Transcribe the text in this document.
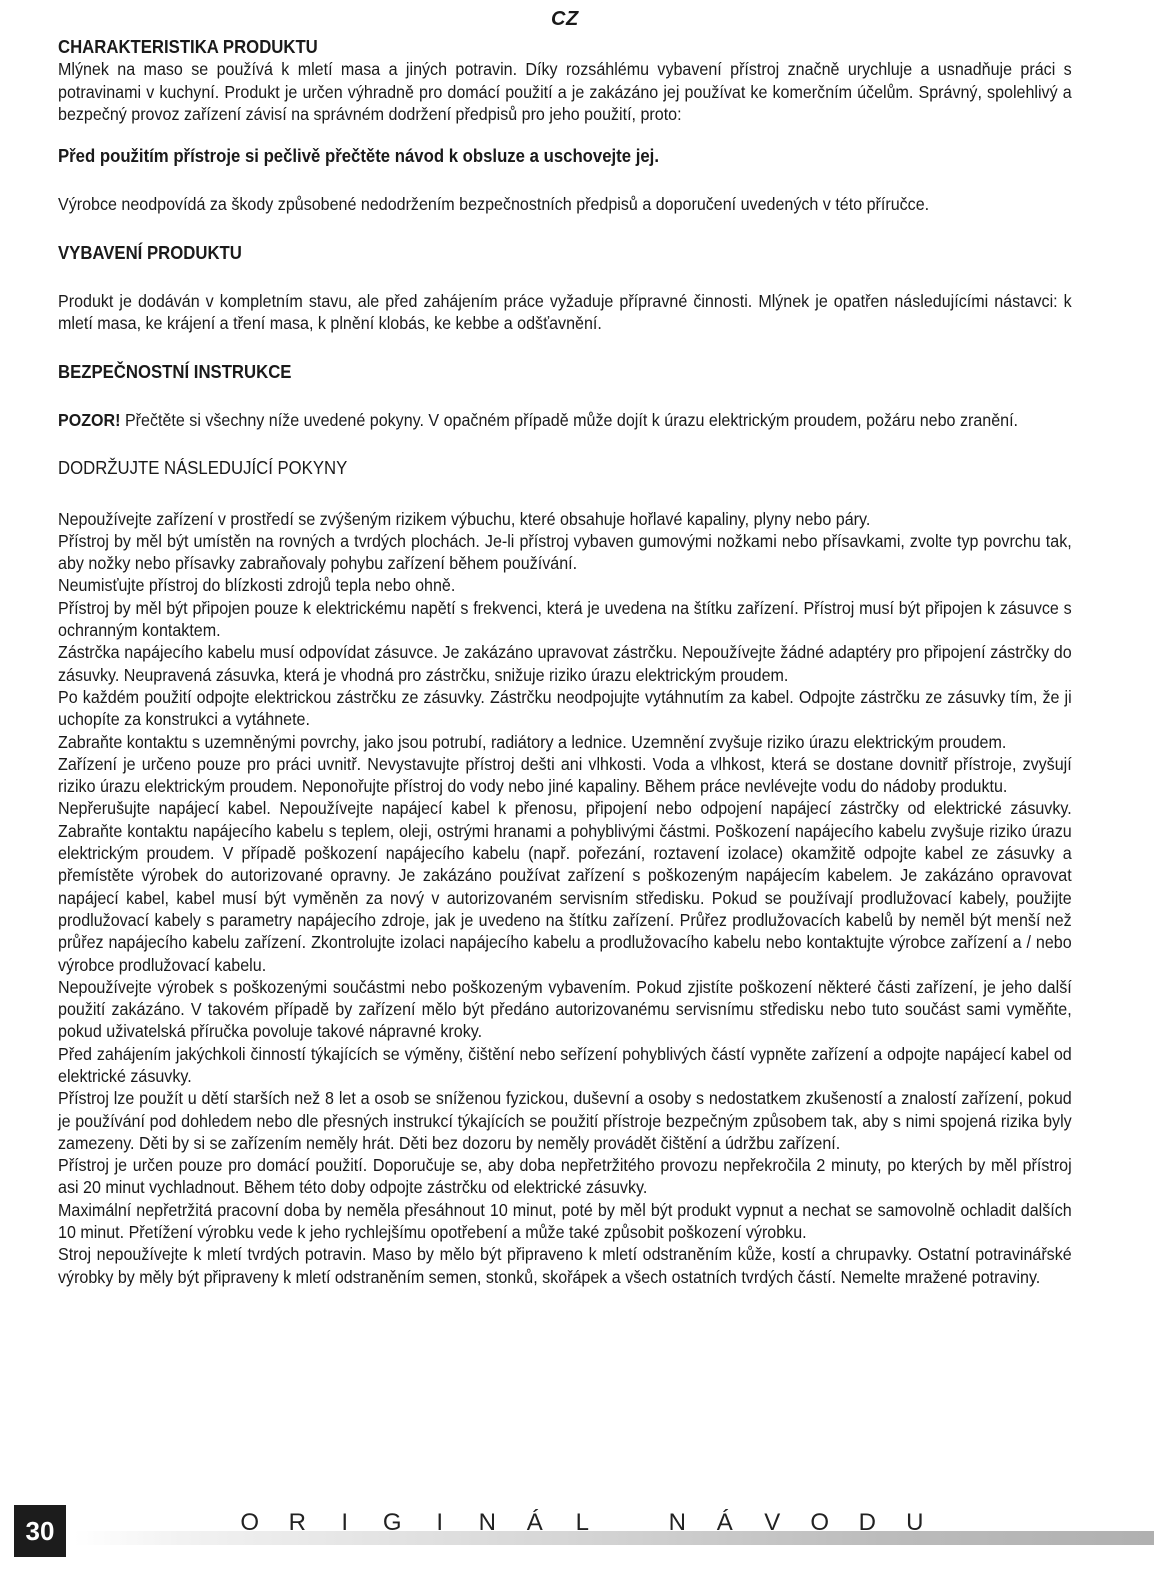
CZ

CHARAKTERISTIKA PRODUKTU

Mlýnek na maso se používá k mletí masa a jiných potravin. Díky rozsáhlému vybavení přístroj značně urychluje a usnadňuje práci s potravinami v kuchyní. Produkt je určen výhradně pro domácí použití a je zakázáno jej používat ke komerčním účelům. Správný, spolehlivý a bezpečný provoz zařízení závisí na správném dodržení předpisů pro jeho použití, proto:

Před použitím přístroje si pečlivě přečtěte návod k obsluze a uschovejte jej.

Výrobce neodpovídá za škody způsobené nedodržením bezpečnostních předpisů a doporučení uvedených v této příručce.

VYBAVENÍ PRODUKTU

Produkt je dodáván v kompletním stavu, ale před zahájením práce vyžaduje přípravné činnosti. Mlýnek je opatřen následujícími nástavci: k mletí masa, ke krájení a tření masa, k plnění klobás, ke kebbe a odšťavnění.

BEZPEČNOSTNÍ INSTRUKCE

POZOR! Přečtěte si všechny níže uvedené pokyny. V opačném případě může dojít k úrazu elektrickým proudem, požáru nebo zranění.

DODRŽUJTE NÁSLEDUJÍCÍ POKYNY

Nepoužívejte zařízení v prostředí se zvýšeným rizikem výbuchu, které obsahuje hořlavé kapaliny, plyny nebo páry.

Přístroj by měl být umístěn na rovných a tvrdých plochách. Je-li přístroj vybaven gumovými nožkami nebo přísavkami, zvolte typ povrchu tak, aby nožky nebo přísavky zabraňovaly pohybu zařízení během používání.

Neumisťujte přístroj do blízkosti zdrojů tepla nebo ohně.

Přístroj by měl být připojen pouze k elektrickému napětí s frekvenci, která je uvedena na štítku zařízení. Přístroj musí být připojen k zásuvce s ochranným kontaktem.

Zástrčka napájecího kabelu musí odpovídat zásuvce. Je zakázáno upravovat zástrčku. Nepoužívejte žádné adaptéry pro připojení zástrčky do zásuvky. Neupravená zásuvka, která je vhodná pro zástrčku, snižuje riziko úrazu elektrickým proudem.

Po každém použití odpojte elektrickou zástrčku ze zásuvky. Zástrčku neodpojujte vytáhnutím za kabel. Odpojte zástrčku ze zásuvky tím, že ji uchopíte za konstrukci a vytáhnete.

Zabraňte kontaktu s uzemněnými povrchy, jako jsou potrubí, radiátory a lednice. Uzemnění zvyšuje riziko úrazu elektrickým proudem.

Zařízení je určeno pouze pro práci uvnitř. Nevystavujte přístroj dešti ani vlhkosti. Voda a vlhkost, která se dostane dovnitř přístroje, zvyšují riziko úrazu elektrickým proudem. Neponořujte přístroj do vody nebo jiné kapaliny. Během práce nevlévejte vodu do nádoby produktu.

Nepřerušujte napájecí kabel. Nepoužívejte napájecí kabel k přenosu, připojení nebo odpojení napájecí zástrčky od elektrické zásuvky. Zabraňte kontaktu napájecího kabelu s teplem, oleji, ostrými hranami a pohyblivými částmi. Poškození napájecího kabelu zvyšuje riziko úrazu elektrickým proudem. V případě poškození napájecího kabelu (např. pořezání, roztavení izolace) okamžitě odpojte kabel ze zásuvky a přemístěte výrobek do autorizované opravny. Je zakázáno používat zařízení s poškozeným napájecím kabelem. Je zakázáno opravovat napájecí kabel, kabel musí být vyměněn za nový v autorizovaném servisním středisku. Pokud se používají prodlužovací kabely, použijte prodlužovací kabely s parametry napájecího zdroje, jak je uvedeno na štítku zařízení. Průřez prodlužovacích kabelů by neměl být menší než průřez napájecího kabelu zařízení. Zkontrolujte izolaci napájecího kabelu a prodlužovacího kabelu nebo kontaktujte výrobce zařízení a / nebo výrobce prodlužovací kabelu.

Nepoužívejte výrobek s poškozenými součástmi nebo poškozeným vybavením. Pokud zjistíte poškození některé části zařízení, je jeho další použití zakázáno. V takovém případě by zařízení mělo být předáno autorizovanému servisnímu středisku nebo tuto součást sami vyměňte, pokud uživatelská příručka povoluje takové nápravné kroky.

Před zahájením jakýchkoli činností týkajících se výměny, čištění nebo seřízení pohyblivých částí vypněte zařízení a odpojte napájecí kabel od elektrické zásuvky.

Přístroj lze použít u dětí starších než 8 let a osob se sníženou fyzickou, duševní a osoby s nedostatkem zkušeností a znalostí zařízení, pokud je používání pod dohledem nebo dle přesných instrukcí týkajících se použití přístroje bezpečným způsobem tak, aby s nimi spojená rizika byly zamezeny. Děti by si se zařízením neměly hrát. Děti bez dozoru by neměly provádět čištění a údržbu zařízení.

Přístroj je určen pouze pro domácí použití. Doporučuje se, aby doba nepřetržitého provozu nepřekročila 2 minuty, po kterých by měl přístroj asi 20 minut vychladnout. Během této doby odpojte zástrčku od elektrické zásuvky.

Maximální nepřetržitá pracovní doba by neměla přesáhnout 10 minut, poté by měl být produkt vypnut a nechat se samovolně ochladit dalších 10 minut. Přetížení výrobku vede k jeho rychlejšímu opotřebení a může také způsobit poškození výrobku.

Stroj nepoužívejte k mletí tvrdých potravin. Maso by mělo být připraveno k mletí odstraněním kůže, kostí a chrupavky. Ostatní potravinářské výrobky by měly být připraveny k mletí odstraněním semen, stonků, skořápek a všech ostatních tvrdých částí. Nemelte mražené potraviny.

30	O	R	I	G	I	N	Á	L
	N	Á	V	O	D	U
